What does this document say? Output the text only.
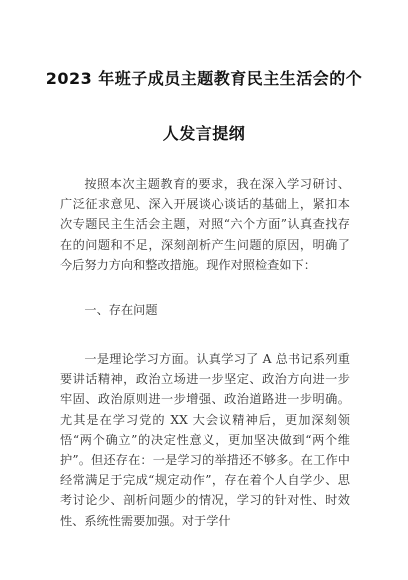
2023 年班子成员主题教育民主生活会的个
人发言提纲

按照本次主题教育的要求，我在深入学习研讨、广泛征求意见、深入开展谈心谈话的基础上，紧扣本次专题民主生活会主题，对照“六个方面”认真查找存在的问题和不足，深刻剖析产生问题的原因，明确了今后努力方向和整改措施。现作对照检查如下：

一、存在问题

一是理论学习方面。认真学习了 A 总书记系列重要讲话精神，政治立场进一步坚定、政治方向进一步牢固、政治原则进一步增强、政治道路进一步明确。尤其是在学习党的 XX 大会议精神后，更加深刻领悟“两个确立”的决定性意义，更加坚决做到“两个维护”。但还存在：一是学习的举措还不够多。在工作中经常满足于完成“规定动作”，存在着个人自学少、思考讨论少、剖析问题少的情况，学习的针对性、时效性、系统性需要加强。对于学什
